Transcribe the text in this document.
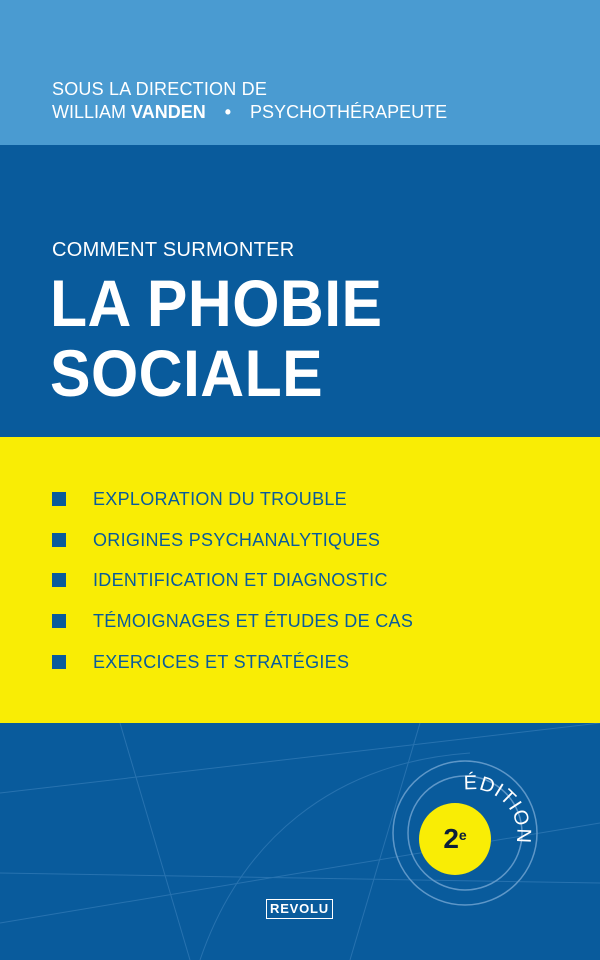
SOUS LA DIRECTION DE
WILLIAM VANDEN • PSYCHOTHÉRAPEUTE
COMMENT SURMONTER
LA PHOBIE
SOCIALE
EXPLORATION DU TROUBLE
ORIGINES PSYCHANALYTIQUES
IDENTIFICATION ET DIAGNOSTIC
TÉMOIGNAGES ET ÉTUDES DE CAS
EXERCICES ET STRATÉGIES
ÉDITION
2e
REVOLU
